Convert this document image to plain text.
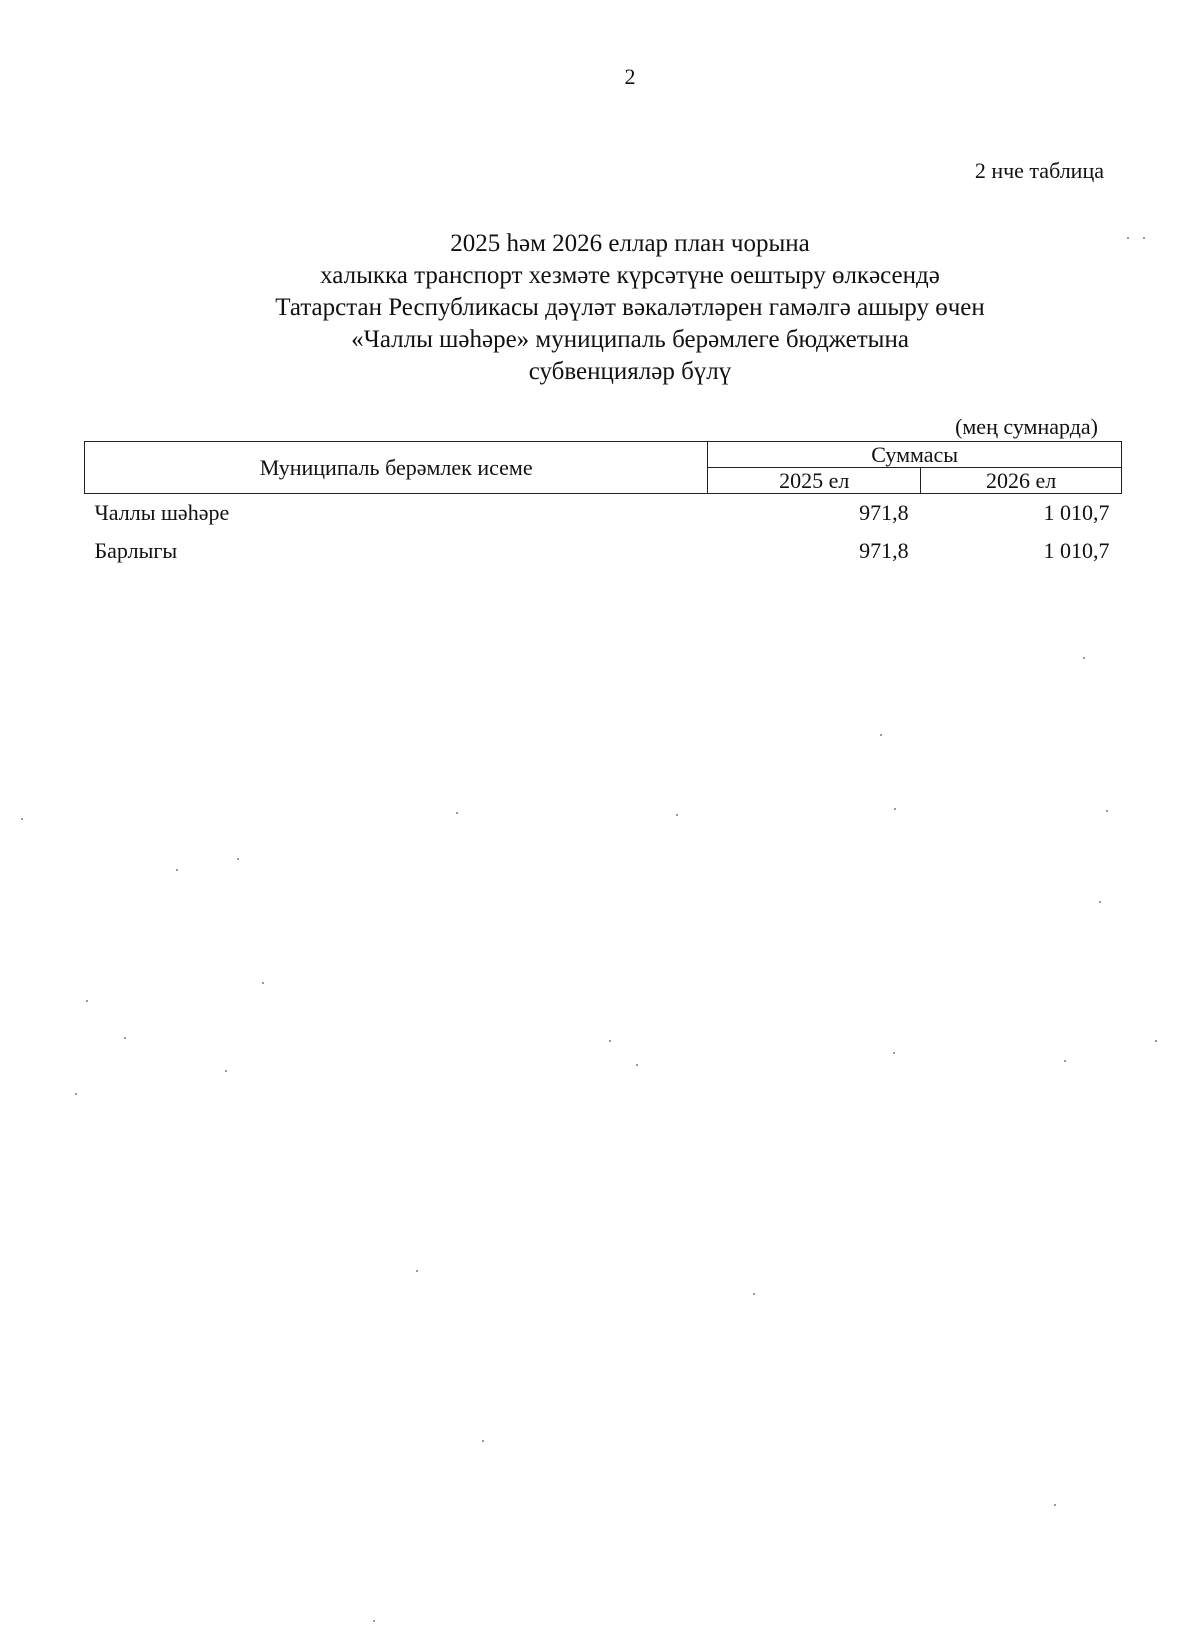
2
2 нче таблица
2025 һәм 2026 еллар план чорына
халыкка транспорт хезмәте күрсәтүне оештыру өлкәсендә
Татарстан Республикасы дәүләт вәкаләтләрен гамәлгә ашыру өчен
«Чаллы шәһәре» муниципаль берәмлеге бюджетына
субвенцияләр бүлү
(мең сумнарда)
Муниципаль берәмлек исеме	Суммасы	
	2025 ел	2026 ел
Чаллы шәһәре	971,8	1 010,7
Барлыгы	971,8	1 010,7
